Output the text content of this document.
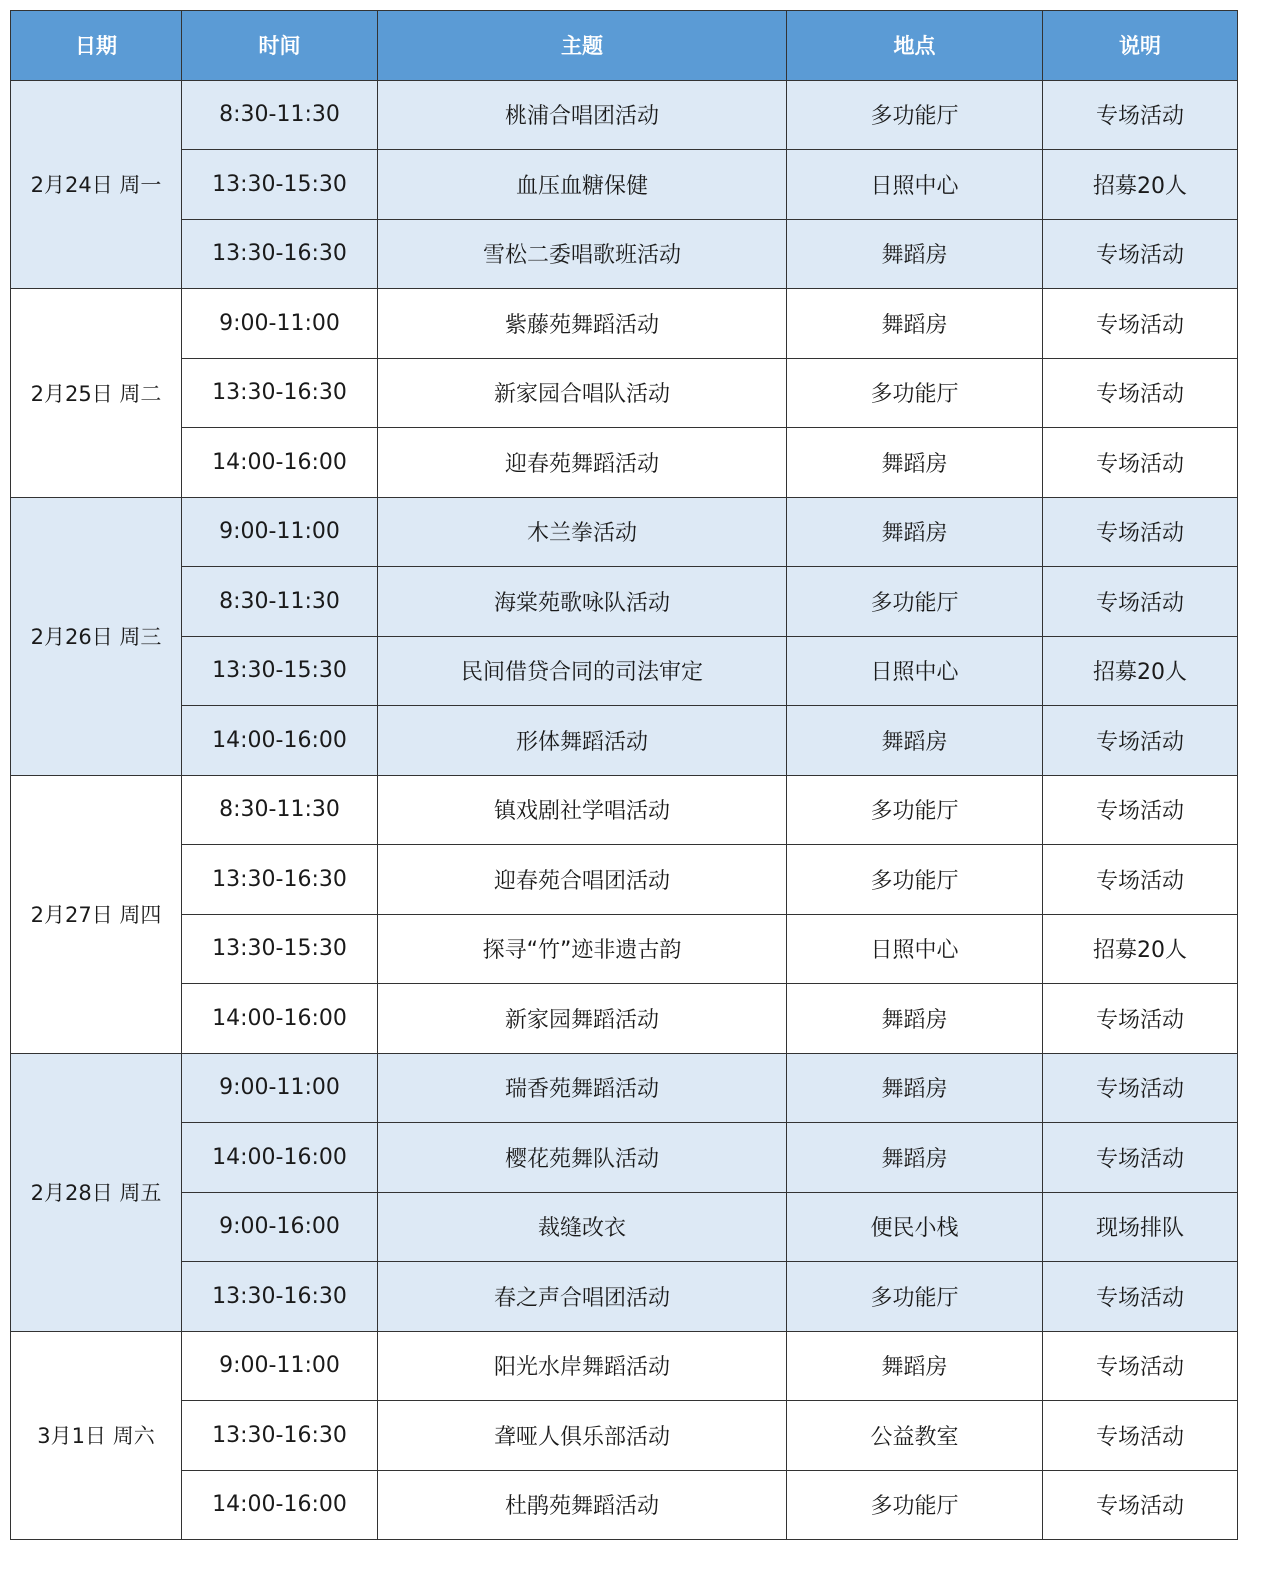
日期	时间	主题	地点	说明
2月24日 周一	8:30-11:30	桃浦合唱团活动	多功能厅	专场活动
	13:30-15:30	血压血糖保健	日照中心	招募20人
	13:30-16:30	雪松二委唱歌班活动	舞蹈房	专场活动
2月25日 周二	9:00-11:00	紫藤苑舞蹈活动	舞蹈房	专场活动
	13:30-16:30	新家园合唱队活动	多功能厅	专场活动
	14:00-16:00	迎春苑舞蹈活动	舞蹈房	专场活动
2月26日 周三	9:00-11:00	木兰拳活动	舞蹈房	专场活动
	8:30-11:30	海棠苑歌咏队活动	多功能厅	专场活动
	13:30-15:30	民间借贷合同的司法审定	日照中心	招募20人
	14:00-16:00	形体舞蹈活动	舞蹈房	专场活动
2月27日 周四	8:30-11:30	镇戏剧社学唱活动	多功能厅	专场活动
	13:30-16:30	迎春苑合唱团活动	多功能厅	专场活动
	13:30-15:30	探寻“竹”迹非遗古韵	日照中心	招募20人
	14:00-16:00	新家园舞蹈活动	舞蹈房	专场活动
2月28日 周五	9:00-11:00	瑞香苑舞蹈活动	舞蹈房	专场活动
	14:00-16:00	樱花苑舞队活动	舞蹈房	专场活动
	9:00-16:00	裁缝改衣	便民小栈	现场排队
	13:30-16:30	春之声合唱团活动	多功能厅	专场活动
3月1日 周六	9:00-11:00	阳光水岸舞蹈活动	舞蹈房	专场活动
	13:30-16:30	聋哑人俱乐部活动	公益教室	专场活动
	14:00-16:00	杜鹃苑舞蹈活动	多功能厅	专场活动
